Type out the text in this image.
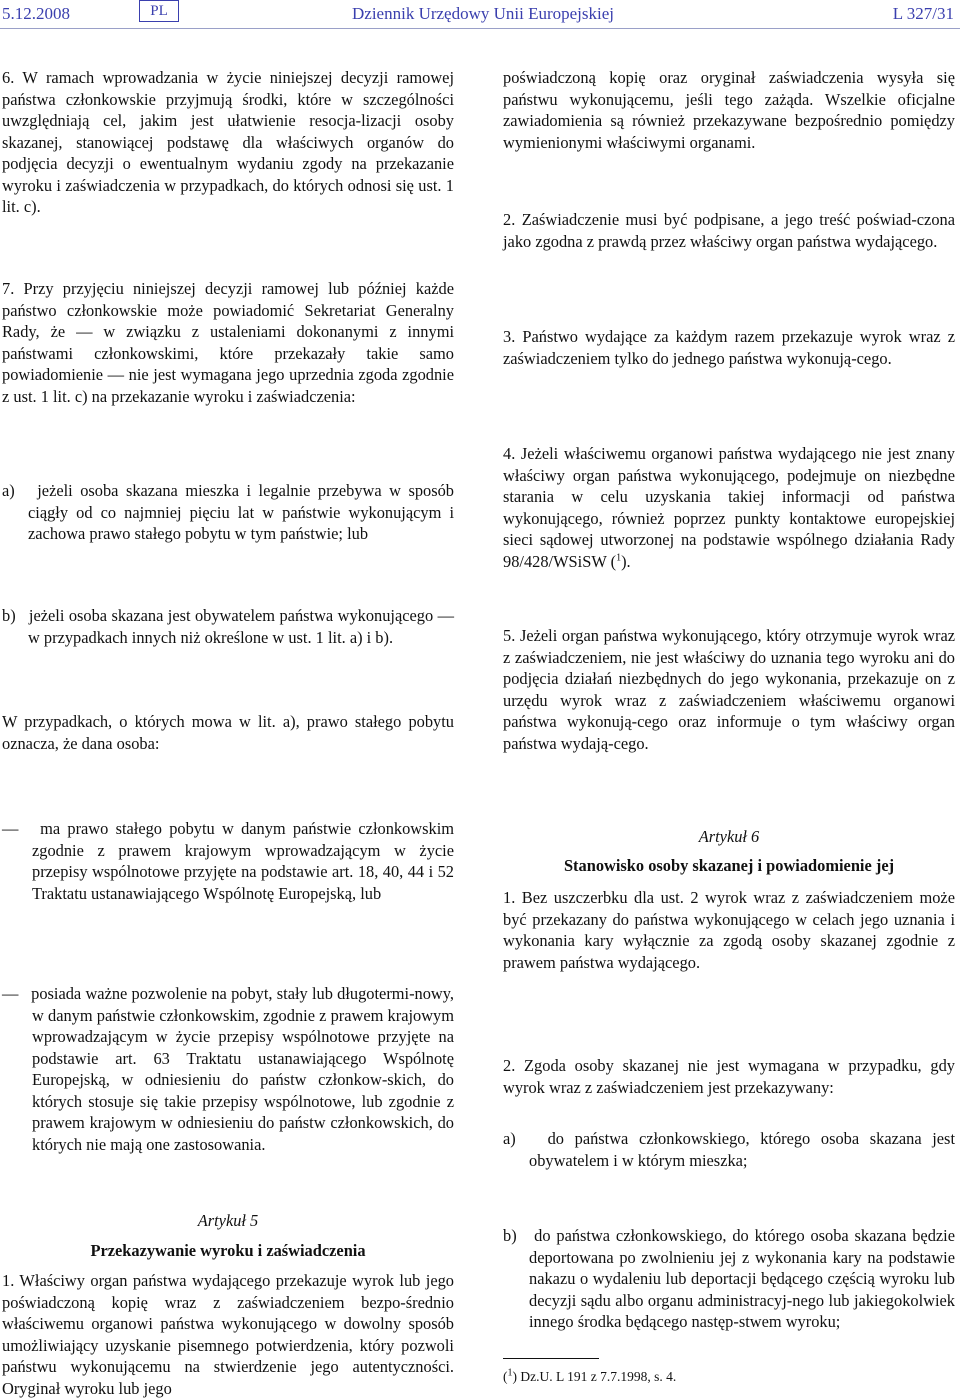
5.12.2008	PL	Dziennik Urzędowy Unii Europejskiej	L 327/31
6. W ramach wprowadzania w życie niniejszej decyzji ramowej państwa członkowskie przyjmują środki, które w szczególności uwzględniają cel, jakim jest ułatwienie resocja-lizacji osoby skazanej, stanowiącej podstawę dla właściwych organów do podjęcia decyzji o ewentualnym wydaniu zgody na przekazanie wyroku i zaświadczenia w przypadkach, do których odnosi się ust. 1 lit. c).
7. Przy przyjęciu niniejszej decyzji ramowej lub później każde państwo członkowskie może powiadomić Sekretariat Generalny Rady, że — w związku z ustaleniami dokonanymi z innymi państwami członkowskimi, które przekazały takie samo powiadomienie — nie jest wymagana jego uprzednia zgoda zgodnie z ust. 1 lit. c) na przekazanie wyroku i zaświadczenia:
a) jeżeli osoba skazana mieszka i legalnie przebywa w sposób ciągły od co najmniej pięciu lat w państwie wykonującym i zachowa prawo stałego pobytu w tym państwie; lub
b) jeżeli osoba skazana jest obywatelem państwa wykonującego — w przypadkach innych niż określone w ust. 1 lit. a) i b).
W przypadkach, o których mowa w lit. a), prawo stałego pobytu oznacza, że dana osoba:
— ma prawo stałego pobytu w danym państwie członkowskim zgodnie z prawem krajowym wprowadzającym w życie przepisy wspólnotowe przyjęte na podstawie art. 18, 40, 44 i 52 Traktatu ustanawiającego Wspólnotę Europejską, lub
— posiada ważne pozwolenie na pobyt, stały lub długotermi-nowy, w danym państwie członkowskim, zgodnie z prawem krajowym wprowadzającym w życie przepisy wspólnotowe przyjęte na podstawie art. 63 Traktatu ustanawiającego Wspólnotę Europejską, w odniesieniu do państw członkow-skich, do których stosuje się takie przepisy wspólnotowe, lub zgodnie z prawem krajowym w odniesieniu do państw członkowskich, do których nie mają one zastosowania.
Artykuł 5
Przekazywanie wyroku i zaświadczenia
1. Właściwy organ państwa wydającego przekazuje wyrok lub jego poświadczoną kopię wraz z zaświadczeniem bezpo-średnio właściwemu organowi państwa wykonującego w dowolny sposób umożliwiający uzyskanie pisemnego potwierdzenia, który pozwoli państwu wykonującemu na stwierdzenie jego autentyczności. Oryginał wyroku lub jego
poświadczoną kopię oraz oryginał zaświadczenia wysyła się państwu wykonującemu, jeśli tego zażąda. Wszelkie oficjalne zawiadomienia są również przekazywane bezpośrednio pomiędzy wymienionymi właściwymi organami.
2. Zaświadczenie musi być podpisane, a jego treść poświad-czona jako zgodna z prawdą przez właściwy organ państwa wydającego.
3. Państwo wydające za każdym razem przekazuje wyrok wraz z zaświadczeniem tylko do jednego państwa wykonują-cego.
4. Jeżeli właściwemu organowi państwa wydającego nie jest znany właściwy organ państwa wykonującego, podejmuje on niezbędne starania w celu uzyskania takiej informacji od państwa wykonującego, również poprzez punkty kontaktowe europejskiej sieci sądowej utworzonej na podstawie wspólnego działania Rady 98/428/WSiSW ($^1$).
5. Jeżeli organ państwa wykonującego, który otrzymuje wyrok wraz z zaświadczeniem, nie jest właściwy do uznania tego wyroku ani do podjęcia działań niezbędnych do jego wykonania, przekazuje on z urzędu wyrok wraz z zaświadczeniem właściwemu organowi państwa wykonują-cego oraz informuje o tym właściwy organ państwa wydają-cego.
Artykuł 6
Stanowisko osoby skazanej i powiadomienie jej
1. Bez uszczerbku dla ust. 2 wyrok wraz z zaświadczeniem może być przekazany do państwa wykonującego w celach jego uznania i wykonania kary wyłącznie za zgodą osoby skazanej zgodnie z prawem państwa wydającego.
2. Zgoda osoby skazanej nie jest wymagana w przypadku, gdy wyrok wraz z zaświadczeniem jest przekazywany:
a) do państwa członkowskiego, którego osoba skazana jest obywatelem i w którym mieszka;
b) do państwa członkowskiego, do którego osoba skazana będzie deportowana po zwolnieniu jej z wykonania kary na podstawie nakazu o wydaleniu lub deportacji będącego częścią wyroku lub decyzji sądu albo organu administracyj-nego lub jakiegokolwiek innego środka będącego następ-stwem wyroku;
($^1$) Dz.U. L 191 z 7.7.1998, s. 4.
